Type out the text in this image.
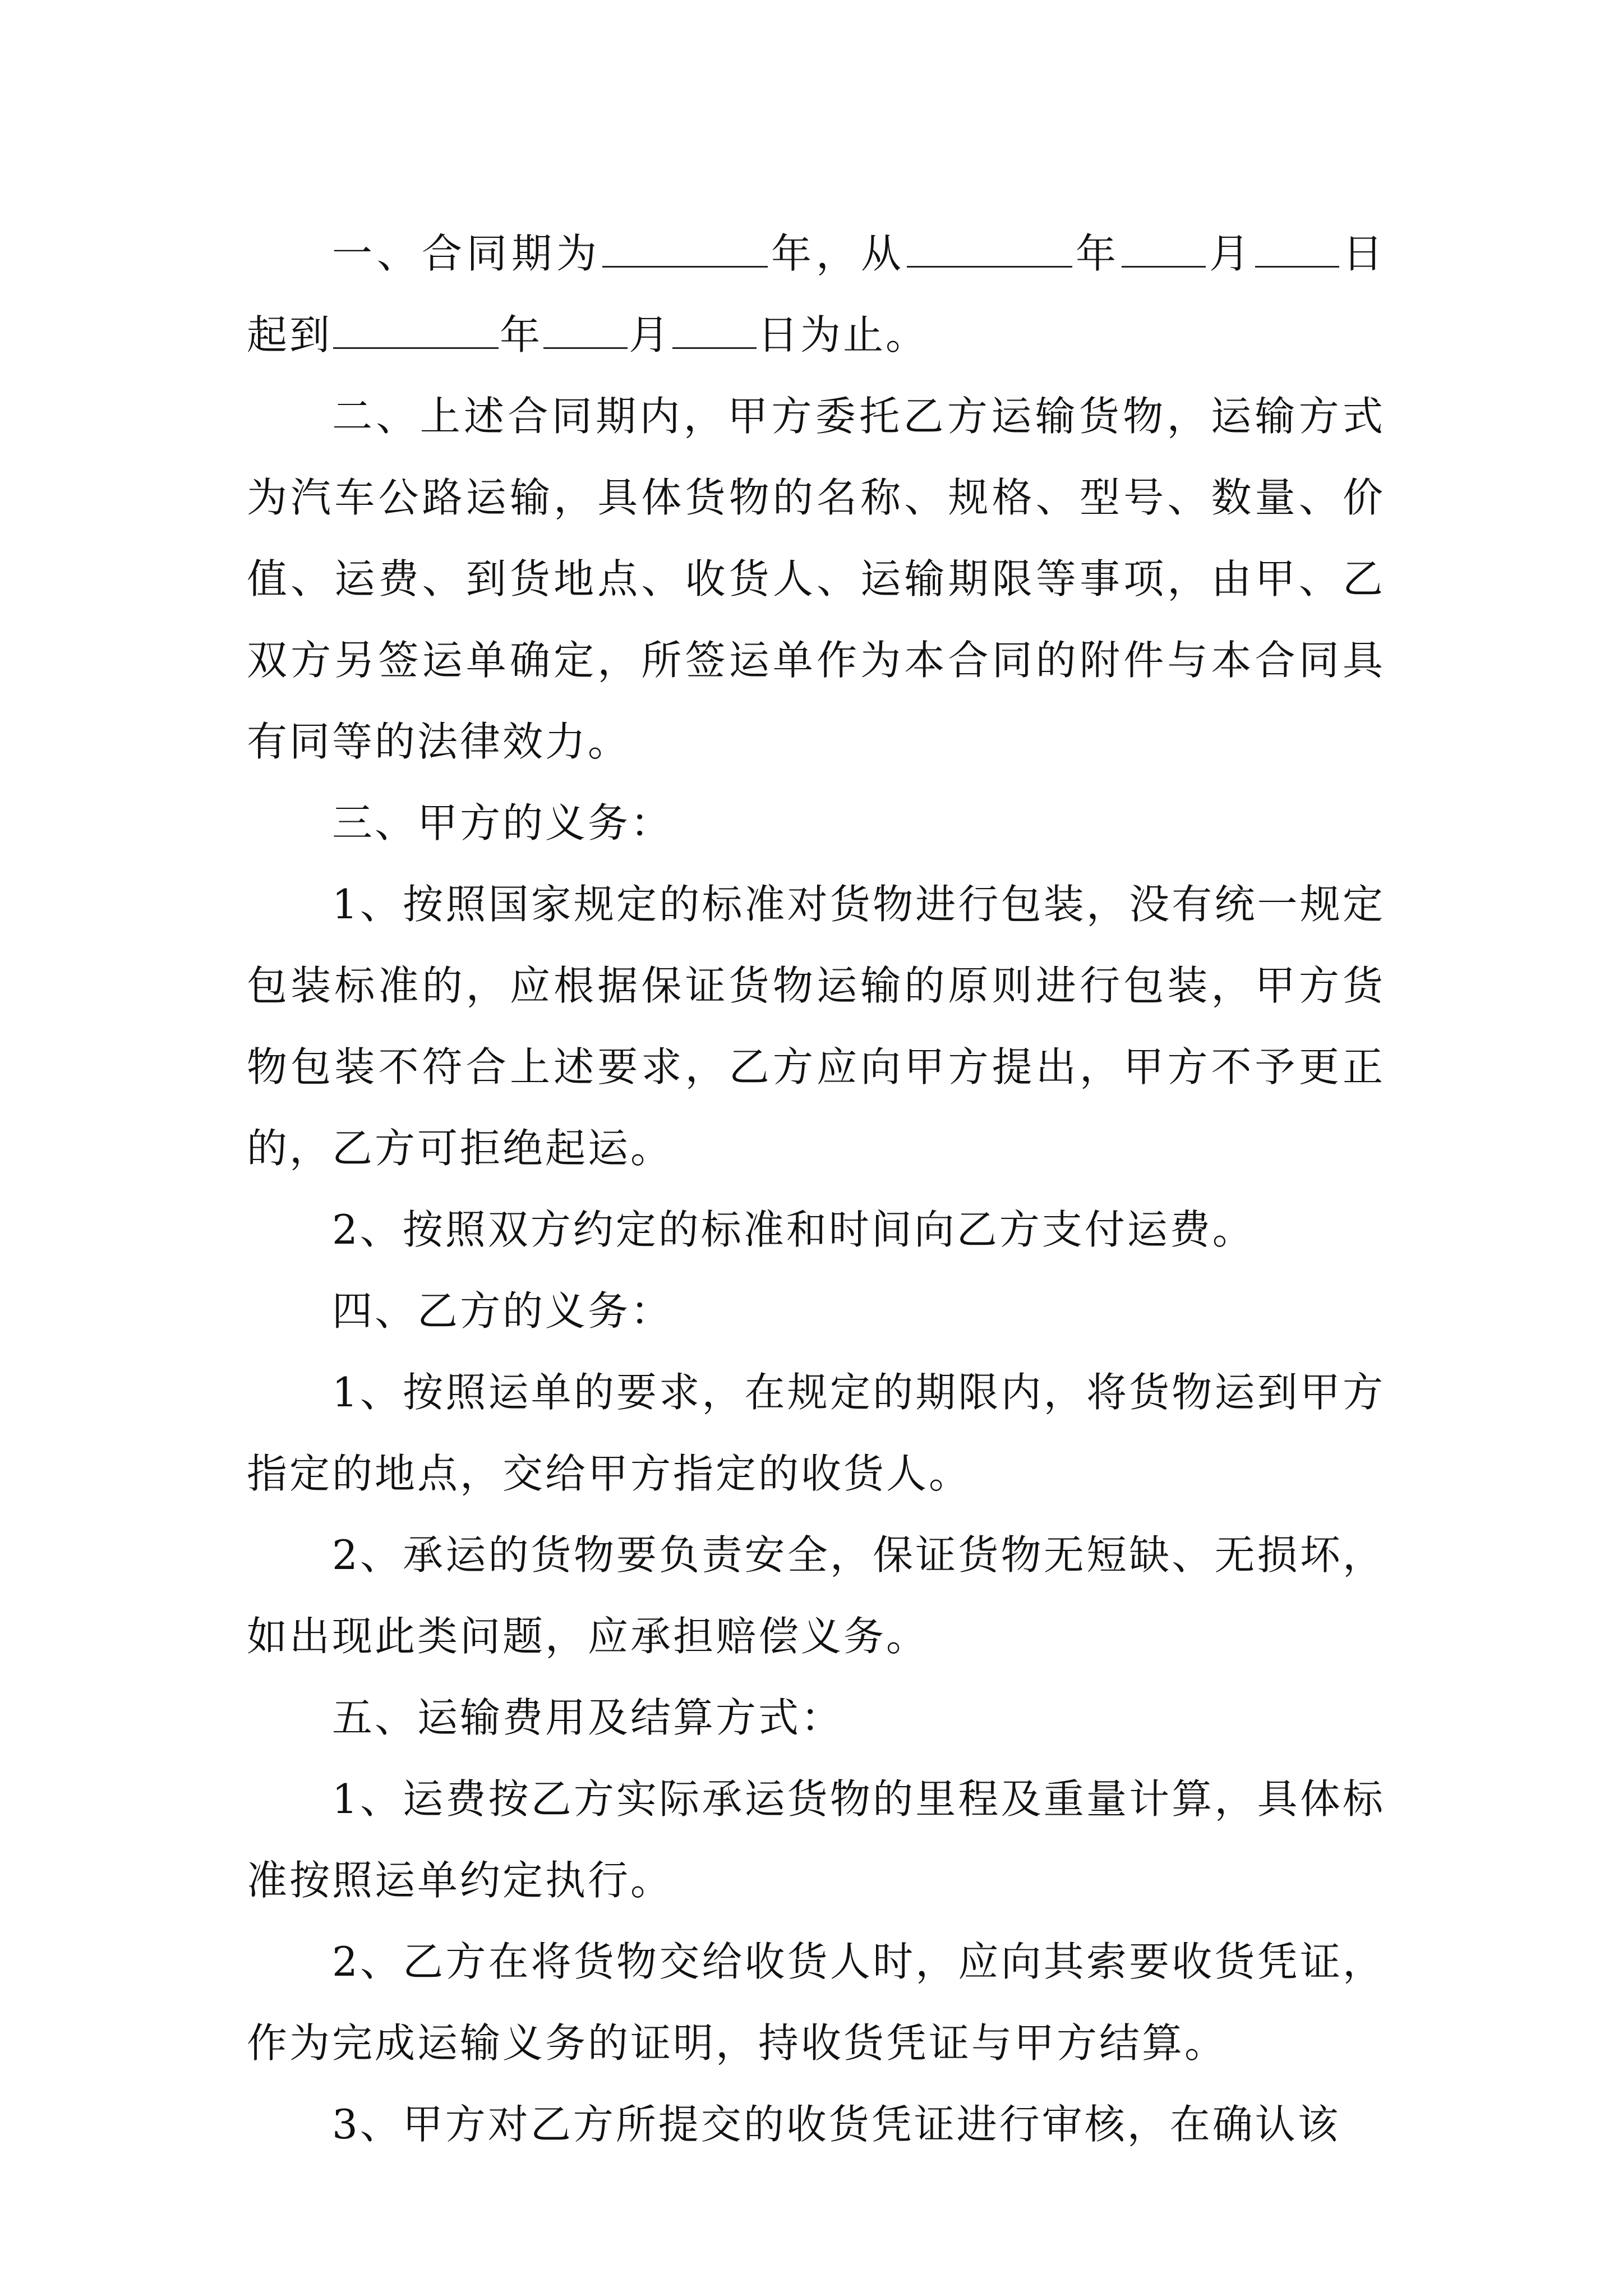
一、合同期为	年，从	年 月 日起到	年 月 日为止。

二、上述合同期内，甲方委托乙方运输货物，运输方式为汽车公路运输，具体货物的名称、规格、型号、数量、价值、运费、到货地点、收货人、运输期限等事项，由甲、乙双方另签运单确定，所签运单作为本合同的附件与本合同具有同等的法律效力。

三、甲方的义务：

1、按照国家规定的标准对货物进行包装，没有统一规定包装标准的，应根据保证货物运输的原则进行包装，甲方货物包装不符合上述要求，乙方应向甲方提出，甲方不予更正的，乙方可拒绝起运。

2、按照双方约定的标准和时间向乙方支付运费。

四、乙方的义务：

1、按照运单的要求，在规定的期限内，将货物运到甲方指定的地点，交给甲方指定的收货人。

2、承运的货物要负责安全，保证货物无短缺、无损坏，如出现此类问题，应承担赔偿义务。

五、运输费用及结算方式：

1、运费按乙方实际承运货物的里程及重量计算，具体标准按照运单约定执行。

2、乙方在将货物交给收货人时，应向其索要收货凭证，作为完成运输义务的证明，持收货凭证与甲方结算。

3、甲方对乙方所提交的收货凭证进行审核，在确认该
